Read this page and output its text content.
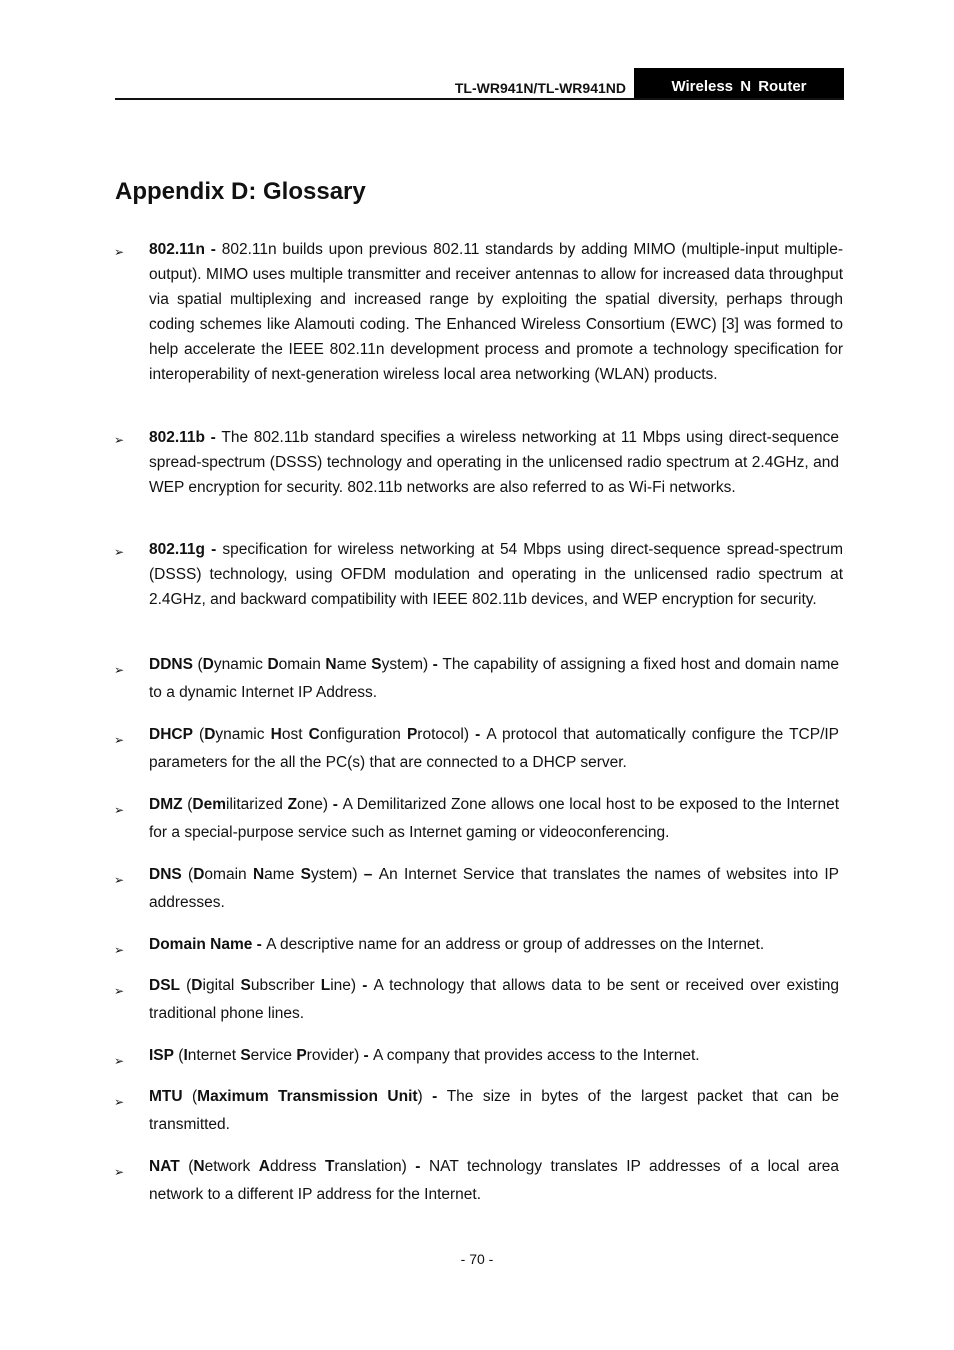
TL-WR941N/TL-WR941ND	Wireless N Router
Appendix D: Glossary
➢ 802.11n - 802.11n builds upon previous 802.11 standards by adding MIMO (multiple-input multiple-output). MIMO uses multiple transmitter and receiver antennas to allow for increased data throughput via spatial multiplexing and increased range by exploiting the spatial diversity, perhaps through coding schemes like Alamouti coding. The Enhanced Wireless Consortium (EWC) [3] was formed to help accelerate the IEEE 802.11n development process and promote a technology specification for interoperability of next-generation wireless local area networking (WLAN) products.

➢ 802.11b - The 802.11b standard specifies a wireless networking at 11 Mbps using direct-sequence spread-spectrum (DSSS) technology and operating in the unlicensed radio spectrum at 2.4GHz, and WEP encryption for security. 802.11b networks are also referred to as Wi-Fi networks.

➢ 802.11g - specification for wireless networking at 54 Mbps using direct-sequence spread-spectrum (DSSS) technology, using OFDM modulation and operating in the unlicensed radio spectrum at 2.4GHz, and backward compatibility with IEEE 802.11b devices, and WEP encryption for security.

➢ DDNS (Dynamic Domain Name System) - The capability of assigning a fixed host and domain name to a dynamic Internet IP Address.

➢ DHCP (Dynamic Host Configuration Protocol) - A protocol that automatically configure the TCP/IP parameters for the all the PC(s) that are connected to a DHCP server.

➢ DMZ (Demilitarized Zone) - A Demilitarized Zone allows one local host to be exposed to the Internet for a special-purpose service such as Internet gaming or videoconferencing.

➢ DNS (Domain Name System) – An Internet Service that translates the names of websites into IP addresses.

➢ Domain Name - A descriptive name for an address or group of addresses on the Internet.

➢ DSL (Digital Subscriber Line) - A technology that allows data to be sent or received over existing traditional phone lines.

➢ ISP (Internet Service Provider) - A company that provides access to the Internet.

➢ MTU (Maximum Transmission Unit) - The size in bytes of the largest packet that can be transmitted.

➢ NAT (Network Address Translation) - NAT technology translates IP addresses of a local area network to a different IP address for the Internet.

- 70 -
